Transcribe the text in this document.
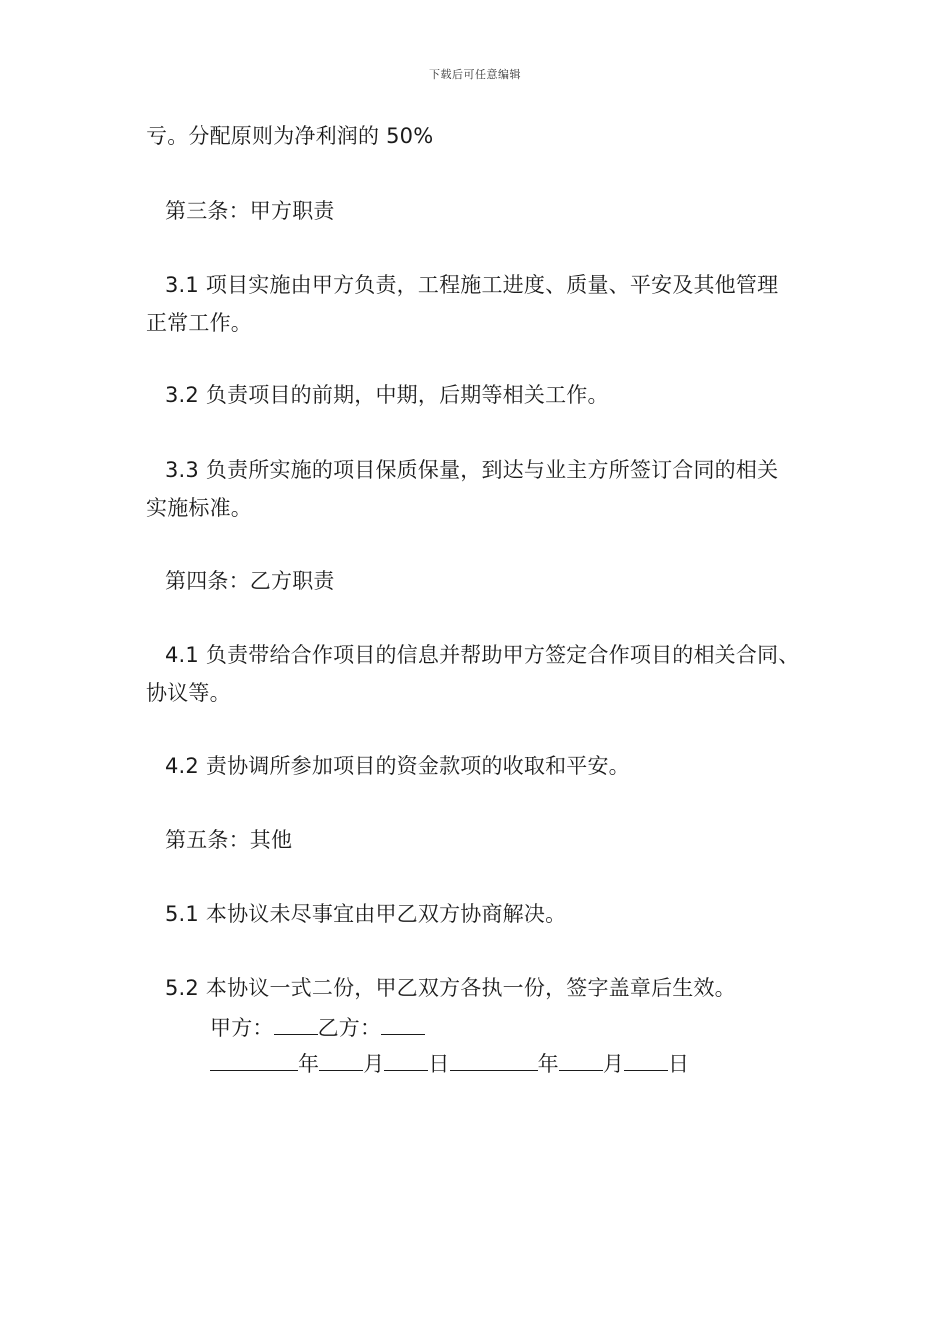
下载后可任意编辑
亏。分配原则为净利润的 50%
第三条：甲方职责
3.1 项目实施由甲方负责，工程施工进度、质量、平安及其他管理
正常工作。
3.2 负责项目的前期，中期，后期等相关工作。
3.3 负责所实施的项目保质保量，到达与业主方所签订合同的相关
实施标准。
第四条：乙方职责
4.1 负责带给合作项目的信息并帮助甲方签定合作项目的相关合同、
协议等。
4.2 责协调所参加项目的资金款项的收取和平安。
第五条：其他
5.1 本协议未尽事宜由甲乙双方协商解决。
5.2 本协议一式二份，甲乙双方各执一份，签字盖章后生效。
甲方： 乙方：
年 月 日	年 月 日
